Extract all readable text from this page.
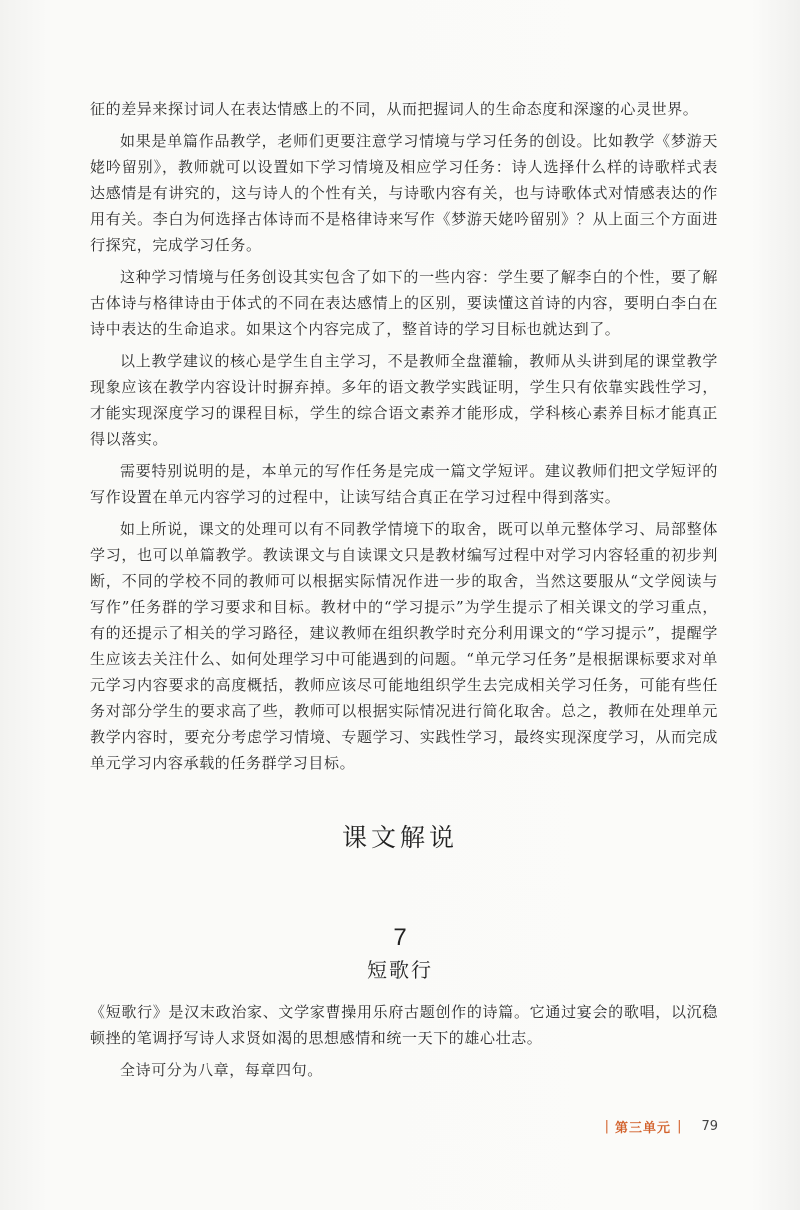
征的差异来探讨词人在表达情感上的不同，从而把握词人的生命态度和深邃的心灵世界。

如果是单篇作品教学，老师们更要注意学习情境与学习任务的创设。比如教学《梦游天姥吟留别》，教师就可以设置如下学习情境及相应学习任务：诗人选择什么样的诗歌样式表达感情是有讲究的，这与诗人的个性有关，与诗歌内容有关，也与诗歌体式对情感表达的作用有关。李白为何选择古体诗而不是格律诗来写作《梦游天姥吟留别》？从上面三个方面进行探究，完成学习任务。

这种学习情境与任务创设其实包含了如下的一些内容：学生要了解李白的个性，要了解古体诗与格律诗由于体式的不同在表达感情上的区别，要读懂这首诗的内容，要明白李白在诗中表达的生命追求。如果这个内容完成了，整首诗的学习目标也就达到了。

以上教学建议的核心是学生自主学习，不是教师全盘灌输，教师从头讲到尾的课堂教学现象应该在教学内容设计时摒弃掉。多年的语文教学实践证明，学生只有依靠实践性学习，才能实现深度学习的课程目标，学生的综合语文素养才能形成，学科核心素养目标才能真正得以落实。

需要特别说明的是，本单元的写作任务是完成一篇文学短评。建议教师们把文学短评的写作设置在单元内容学习的过程中，让读写结合真正在学习过程中得到落实。

如上所说，课文的处理可以有不同教学情境下的取舍，既可以单元整体学习、局部整体学习，也可以单篇教学。教读课文与自读课文只是教材编写过程中对学习内容轻重的初步判断，不同的学校不同的教师可以根据实际情况作进一步的取舍，当然这要服从“文学阅读与写作”任务群的学习要求和目标。教材中的“学习提示”为学生提示了相关课文的学习重点，有的还提示了相关的学习路径，建议教师在组织教学时充分利用课文的“学习提示”，提醒学生应该去关注什么、如何处理学习中可能遇到的问题。“单元学习任务”是根据课标要求对单元学习内容要求的高度概括，教师应该尽可能地组织学生去完成相关学习任务，可能有些任务对部分学生的要求高了些，教师可以根据实际情况进行简化取舍。总之，教师在处理单元教学内容时，要充分考虑学习情境、专题学习、实践性学习，最终实现深度学习，从而完成单元学习内容承载的任务群学习目标。

课文解说
7
短歌行

《短歌行》是汉末政治家、文学家曹操用乐府古题创作的诗篇。它通过宴会的歌唱，以沉稳顿挫的笔调抒写诗人求贤如渴的思想感情和统一天下的雄心壮志。

全诗可分为八章，每章四句。

| 第三单元 | 79
